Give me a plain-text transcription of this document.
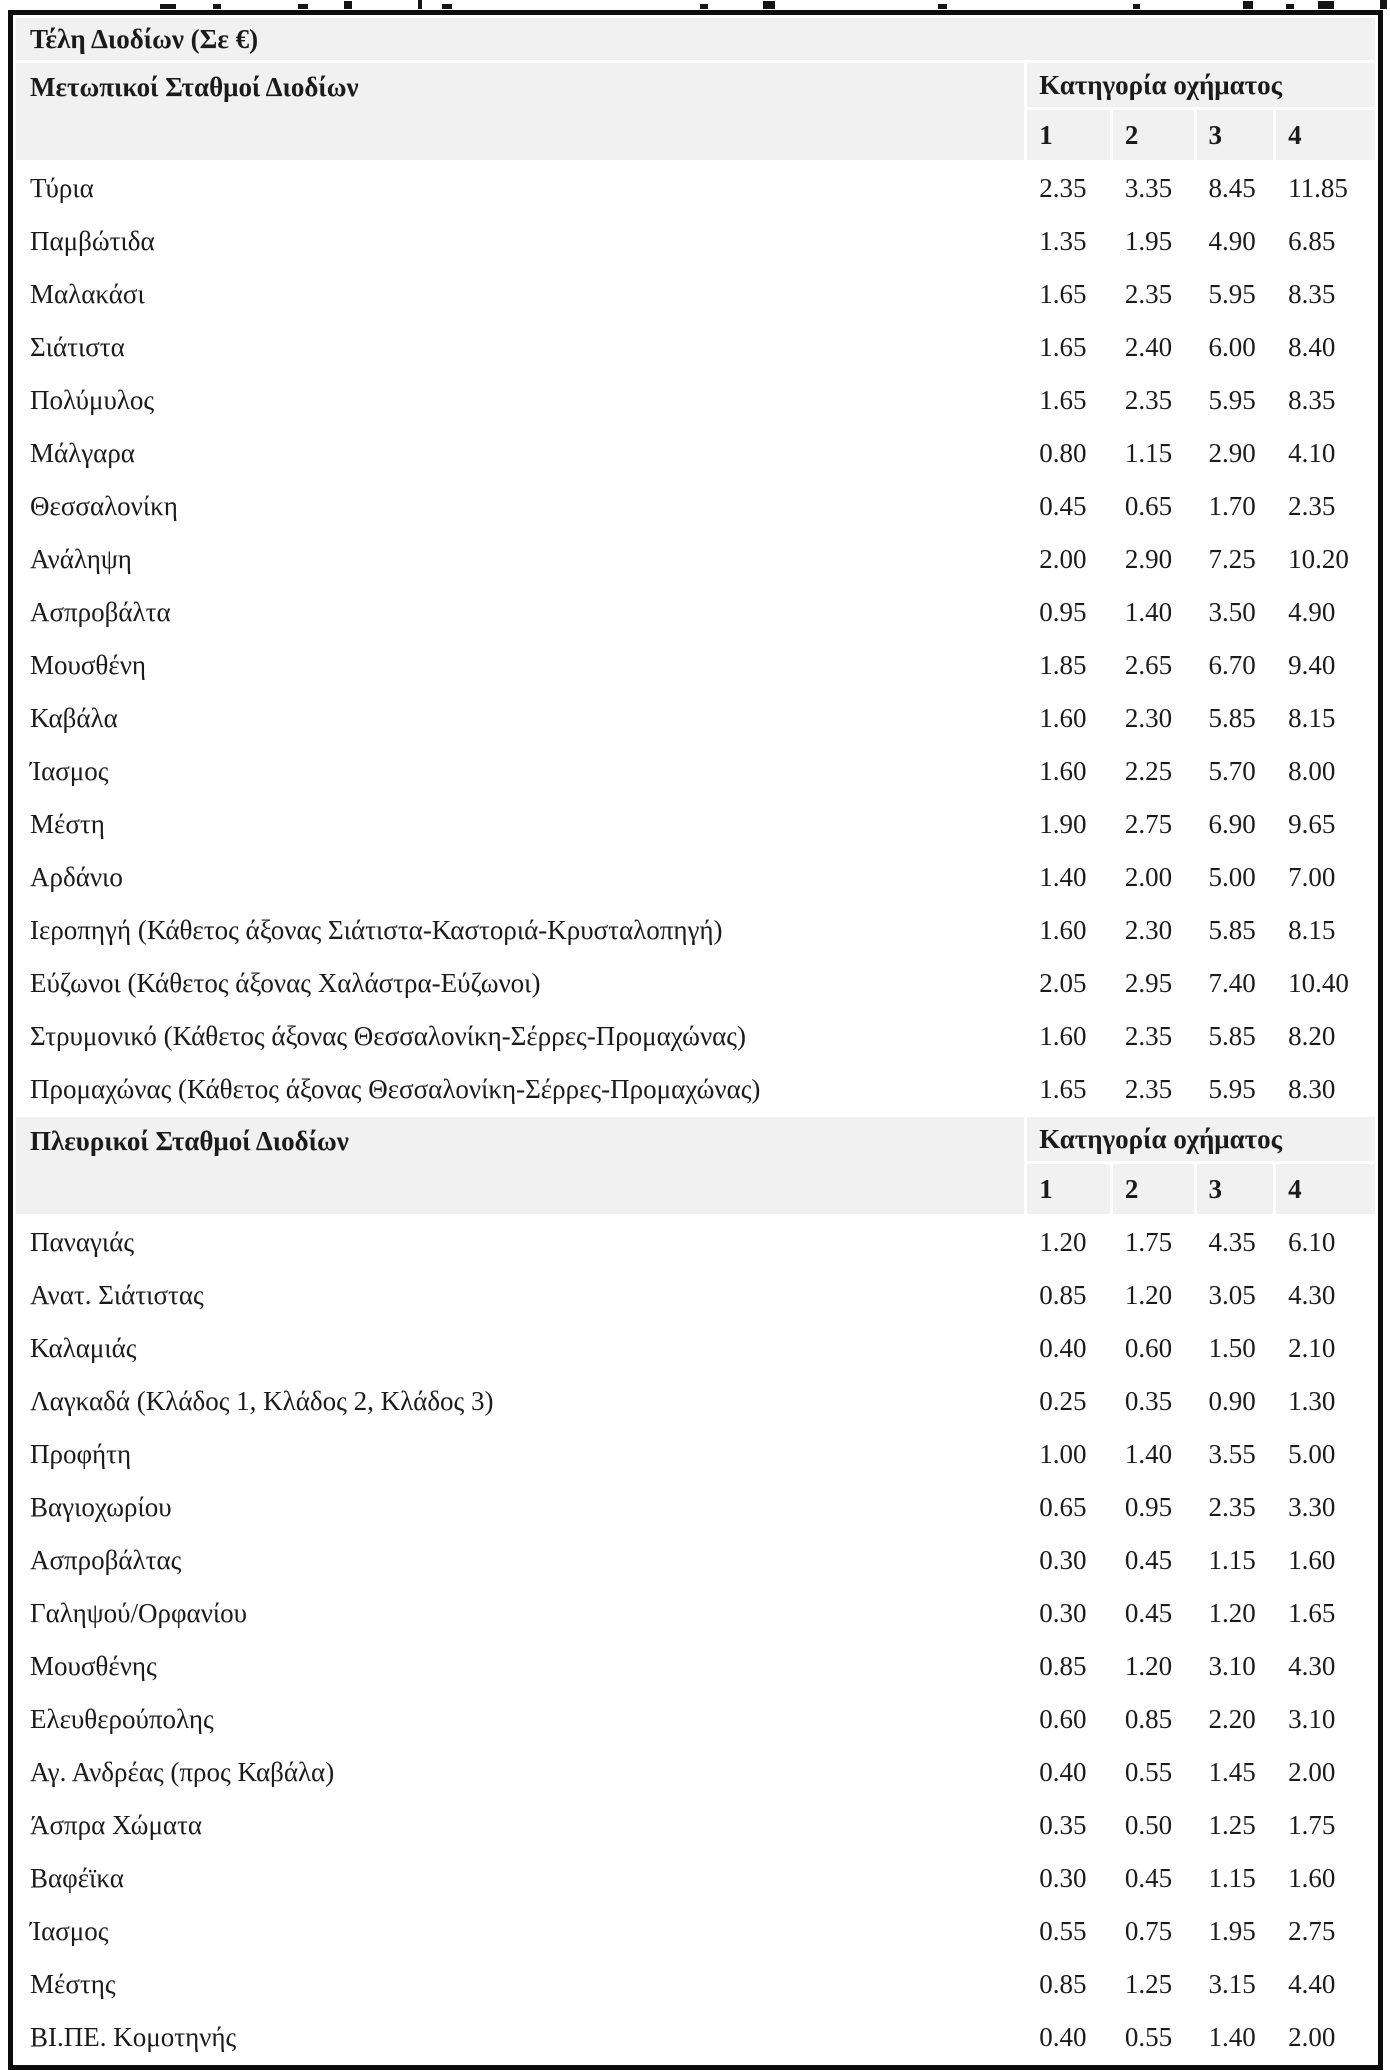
Τέλη Διοδίων (Σε €)				
Μετωπικοί Σταθμοί Διοδίων	Κατηγορία οχήματος			
	1	2	3	4
Τύρια	2.35	3.35	8.45	11.85
Παμβώτιδα	1.35	1.95	4.90	6.85
Μαλακάσι	1.65	2.35	5.95	8.35
Σιάτιστα	1.65	2.40	6.00	8.40
Πολύμυλος	1.65	2.35	5.95	8.35
Μάλγαρα	0.80	1.15	2.90	4.10
Θεσσαλονίκη	0.45	0.65	1.70	2.35
Ανάληψη	2.00	2.90	7.25	10.20
Ασπροβάλτα	0.95	1.40	3.50	4.90
Μουσθένη	1.85	2.65	6.70	9.40
Καβάλα	1.60	2.30	5.85	8.15
Ίασμος	1.60	2.25	5.70	8.00
Μέστη	1.90	2.75	6.90	9.65
Αρδάνιο	1.40	2.00	5.00	7.00
Ιεροπηγή (Κάθετος άξονας Σιάτιστα-Καστοριά-Κρυσταλοπηγή)	1.60	2.30	5.85	8.15
Εύζωνοι (Κάθετος άξονας Χαλάστρα-Εύζωνοι)	2.05	2.95	7.40	10.40
Στρυμονικό (Κάθετος άξονας Θεσσαλονίκη-Σέρρες-Προμαχώνας)	1.60	2.35	5.85	8.20
Προμαχώνας (Κάθετος άξονας Θεσσαλονίκη-Σέρρες-Προμαχώνας)	1.65	2.35	5.95	8.30
Πλευρικοί Σταθμοί Διοδίων	Κατηγορία οχήματος			
	1	2	3	4
Παναγιάς	1.20	1.75	4.35	6.10
Ανατ. Σιάτιστας	0.85	1.20	3.05	4.30
Καλαμιάς	0.40	0.60	1.50	2.10
Λαγκαδά (Κλάδος 1, Κλάδος 2, Κλάδος 3)	0.25	0.35	0.90	1.30
Προφήτη	1.00	1.40	3.55	5.00
Βαγιοχωρίου	0.65	0.95	2.35	3.30
Ασπροβάλτας	0.30	0.45	1.15	1.60
Γαληψού/Ορφανίου	0.30	0.45	1.20	1.65
Μουσθένης	0.85	1.20	3.10	4.30
Ελευθερούπολης	0.60	0.85	2.20	3.10
Αγ. Ανδρέας (προς Καβάλα)	0.40	0.55	1.45	2.00
Άσπρα Χώματα	0.35	0.50	1.25	1.75
Βαφέϊκα	0.30	0.45	1.15	1.60
Ίασμος	0.55	0.75	1.95	2.75
Μέστης	0.85	1.25	3.15	4.40
ΒΙ.ΠΕ. Κομοτηνής	0.40	0.55	1.40	2.00
